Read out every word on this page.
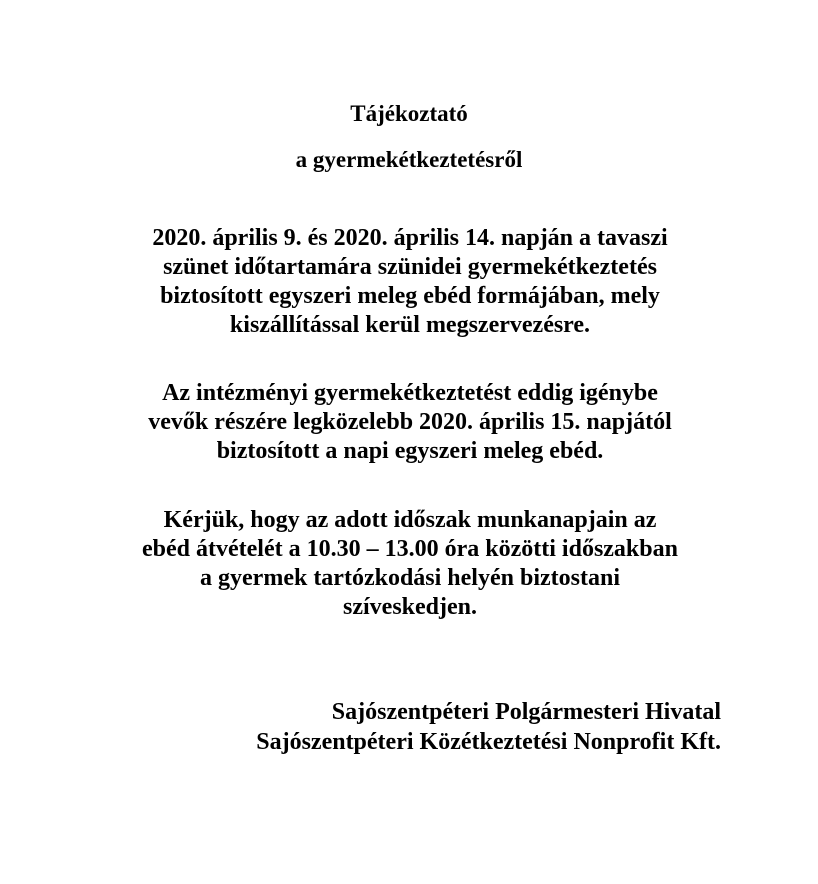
Tájékoztató
a gyermekétkeztetésről

2020. április 9. és 2020. április 14. napján a tavaszi
szünet időtartamára szünidei gyermekétkeztetés
biztosított egyszeri meleg ebéd formájában, mely
kiszállítással kerül megszervezésre.

Az intézményi gyermekétkeztetést eddig igénybe
vevők részére legközelebb 2020. április 15. napjától
biztosított a napi egyszeri meleg ebéd.

Kérjük, hogy az adott időszak munkanapjain az
ebéd átvételét a 10.30 – 13.00 óra közötti időszakban
a gyermek tartózkodási helyén biztostani
szíveskedjen.

Sajószentpéteri Polgármesteri Hivatal
Sajószentpéteri Közétkeztetési Nonprofit Kft.
